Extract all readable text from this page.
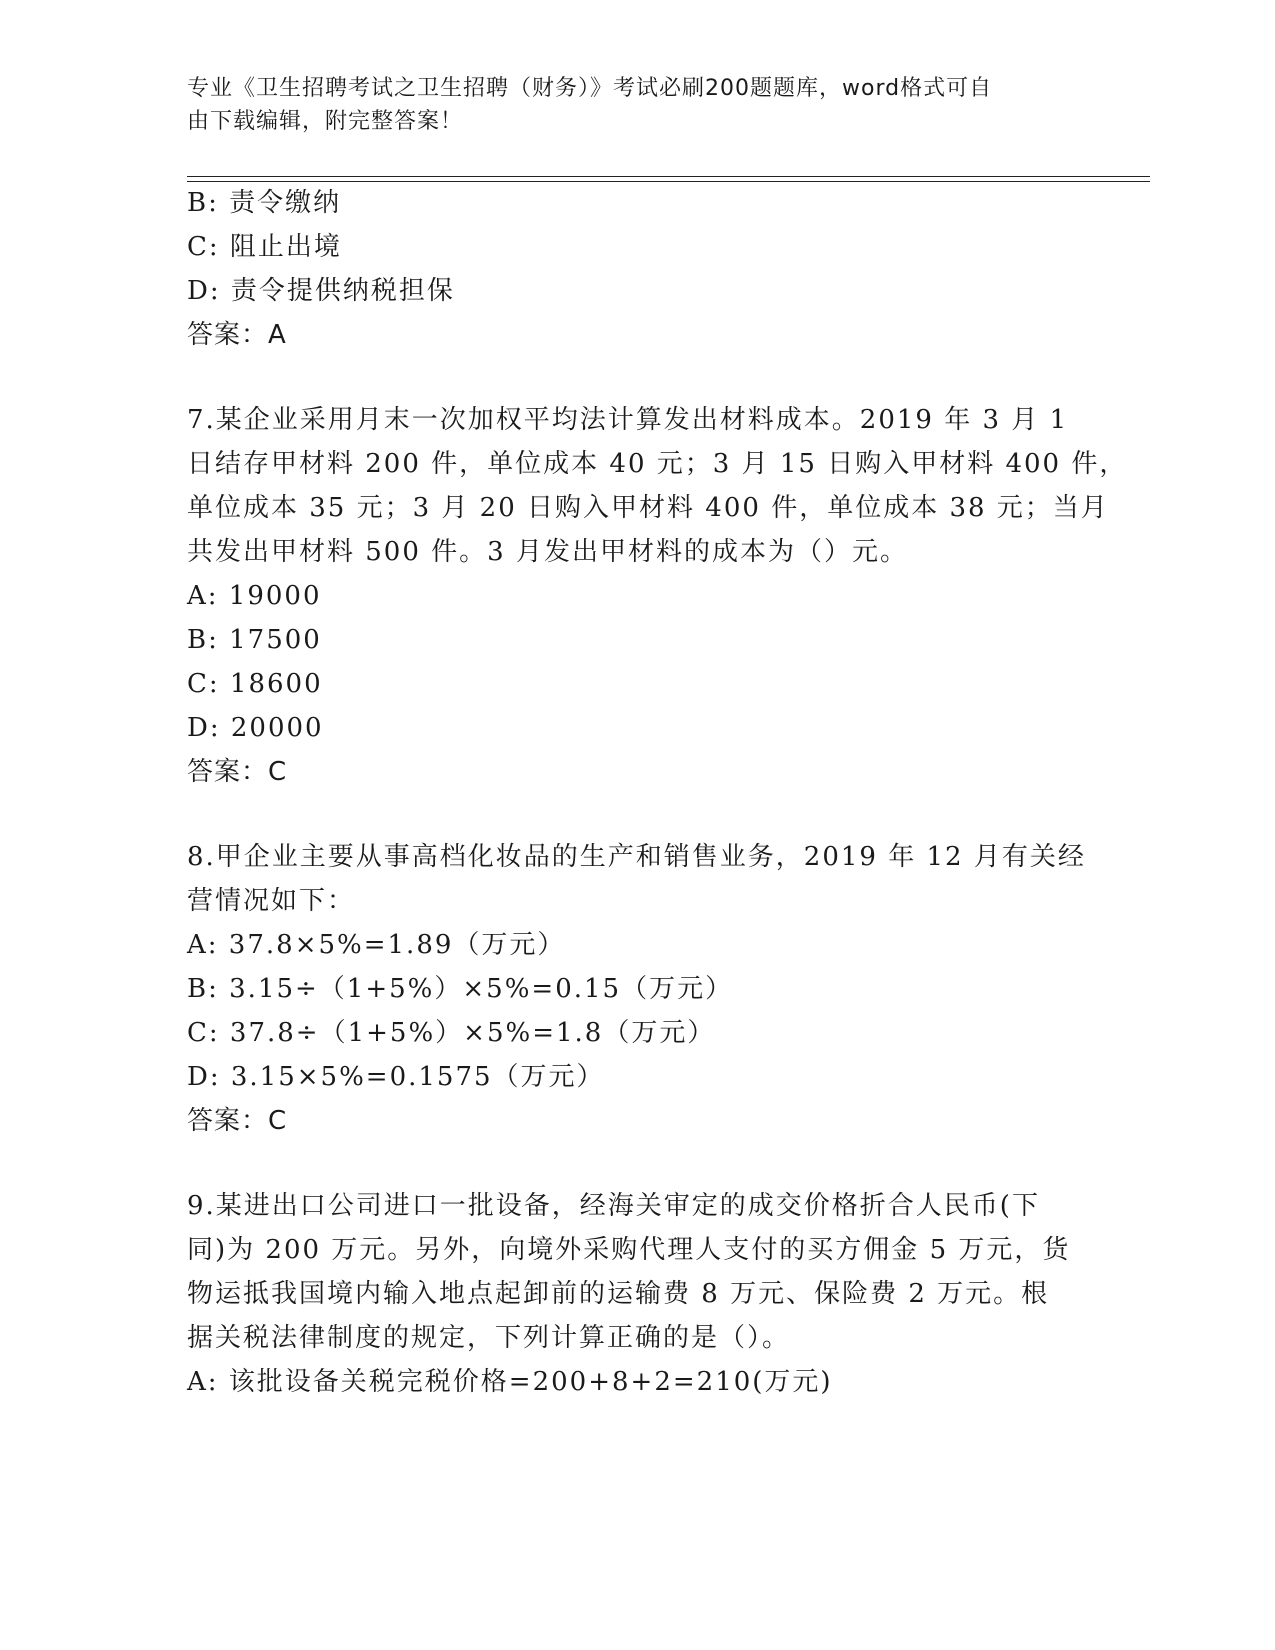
专业《卫生招聘考试之卫生招聘（财务）》考试必刷200题题库，word格式可自
由下载编辑，附完整答案！
B: 责令缴纳
C: 阻止出境
D: 责令提供纳税担保
答案：A
7.某企业采用月末一次加权平均法计算发出材料成本。2019 年 3 月 1
日结存甲材料 200 件，单位成本 40 元；3 月 15 日购入甲材料 400 件，
单位成本 35 元；3 月 20 日购入甲材料 400 件，单位成本 38 元；当月
共发出甲材料 500 件。3 月发出甲材料的成本为（）元。
A: 19000
B: 17500
C: 18600
D: 20000
答案：C
8.甲企业主要从事高档化妆品的生产和销售业务，2019 年 12 月有关经
营情况如下：
A: 37.8×5%=1.89（万元）
B: 3.15÷（1+5%）×5%=0.15（万元）
C: 37.8÷（1+5%）×5%=1.8（万元）
D: 3.15×5%=0.1575（万元）
答案：C
9.某进出口公司进口一批设备，经海关审定的成交价格折合人民币(下
同)为 200 万元。另外，向境外采购代理人支付的买方佣金 5 万元，货
物运抵我国境内输入地点起卸前的运输费 8 万元、保险费 2 万元。根
据关税法律制度的规定，下列计算正确的是（）。
A: 该批设备关税完税价格=200+8+2=210(万元)
